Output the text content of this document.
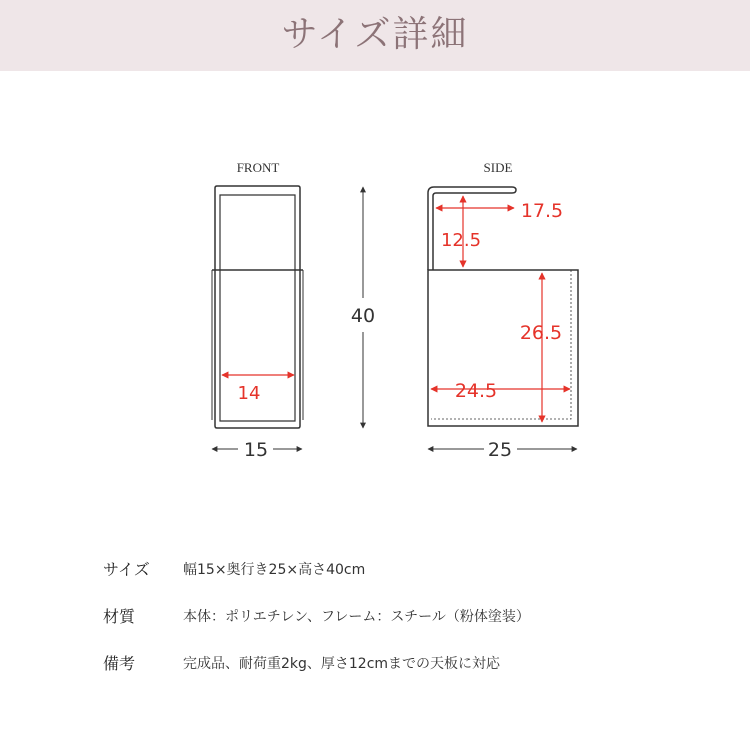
サイズ詳細
FRONT
14
15
40
SIDE
17.5
12.5
26.5
24.5
25
サイズ	幅15×奥行き25×高さ40cm
材質	本体：ポリエチレン、フレーム：スチール（粉体塗装）
備考	完成品、耐荷重2kg、厚さ12cmまでの天板に対応
